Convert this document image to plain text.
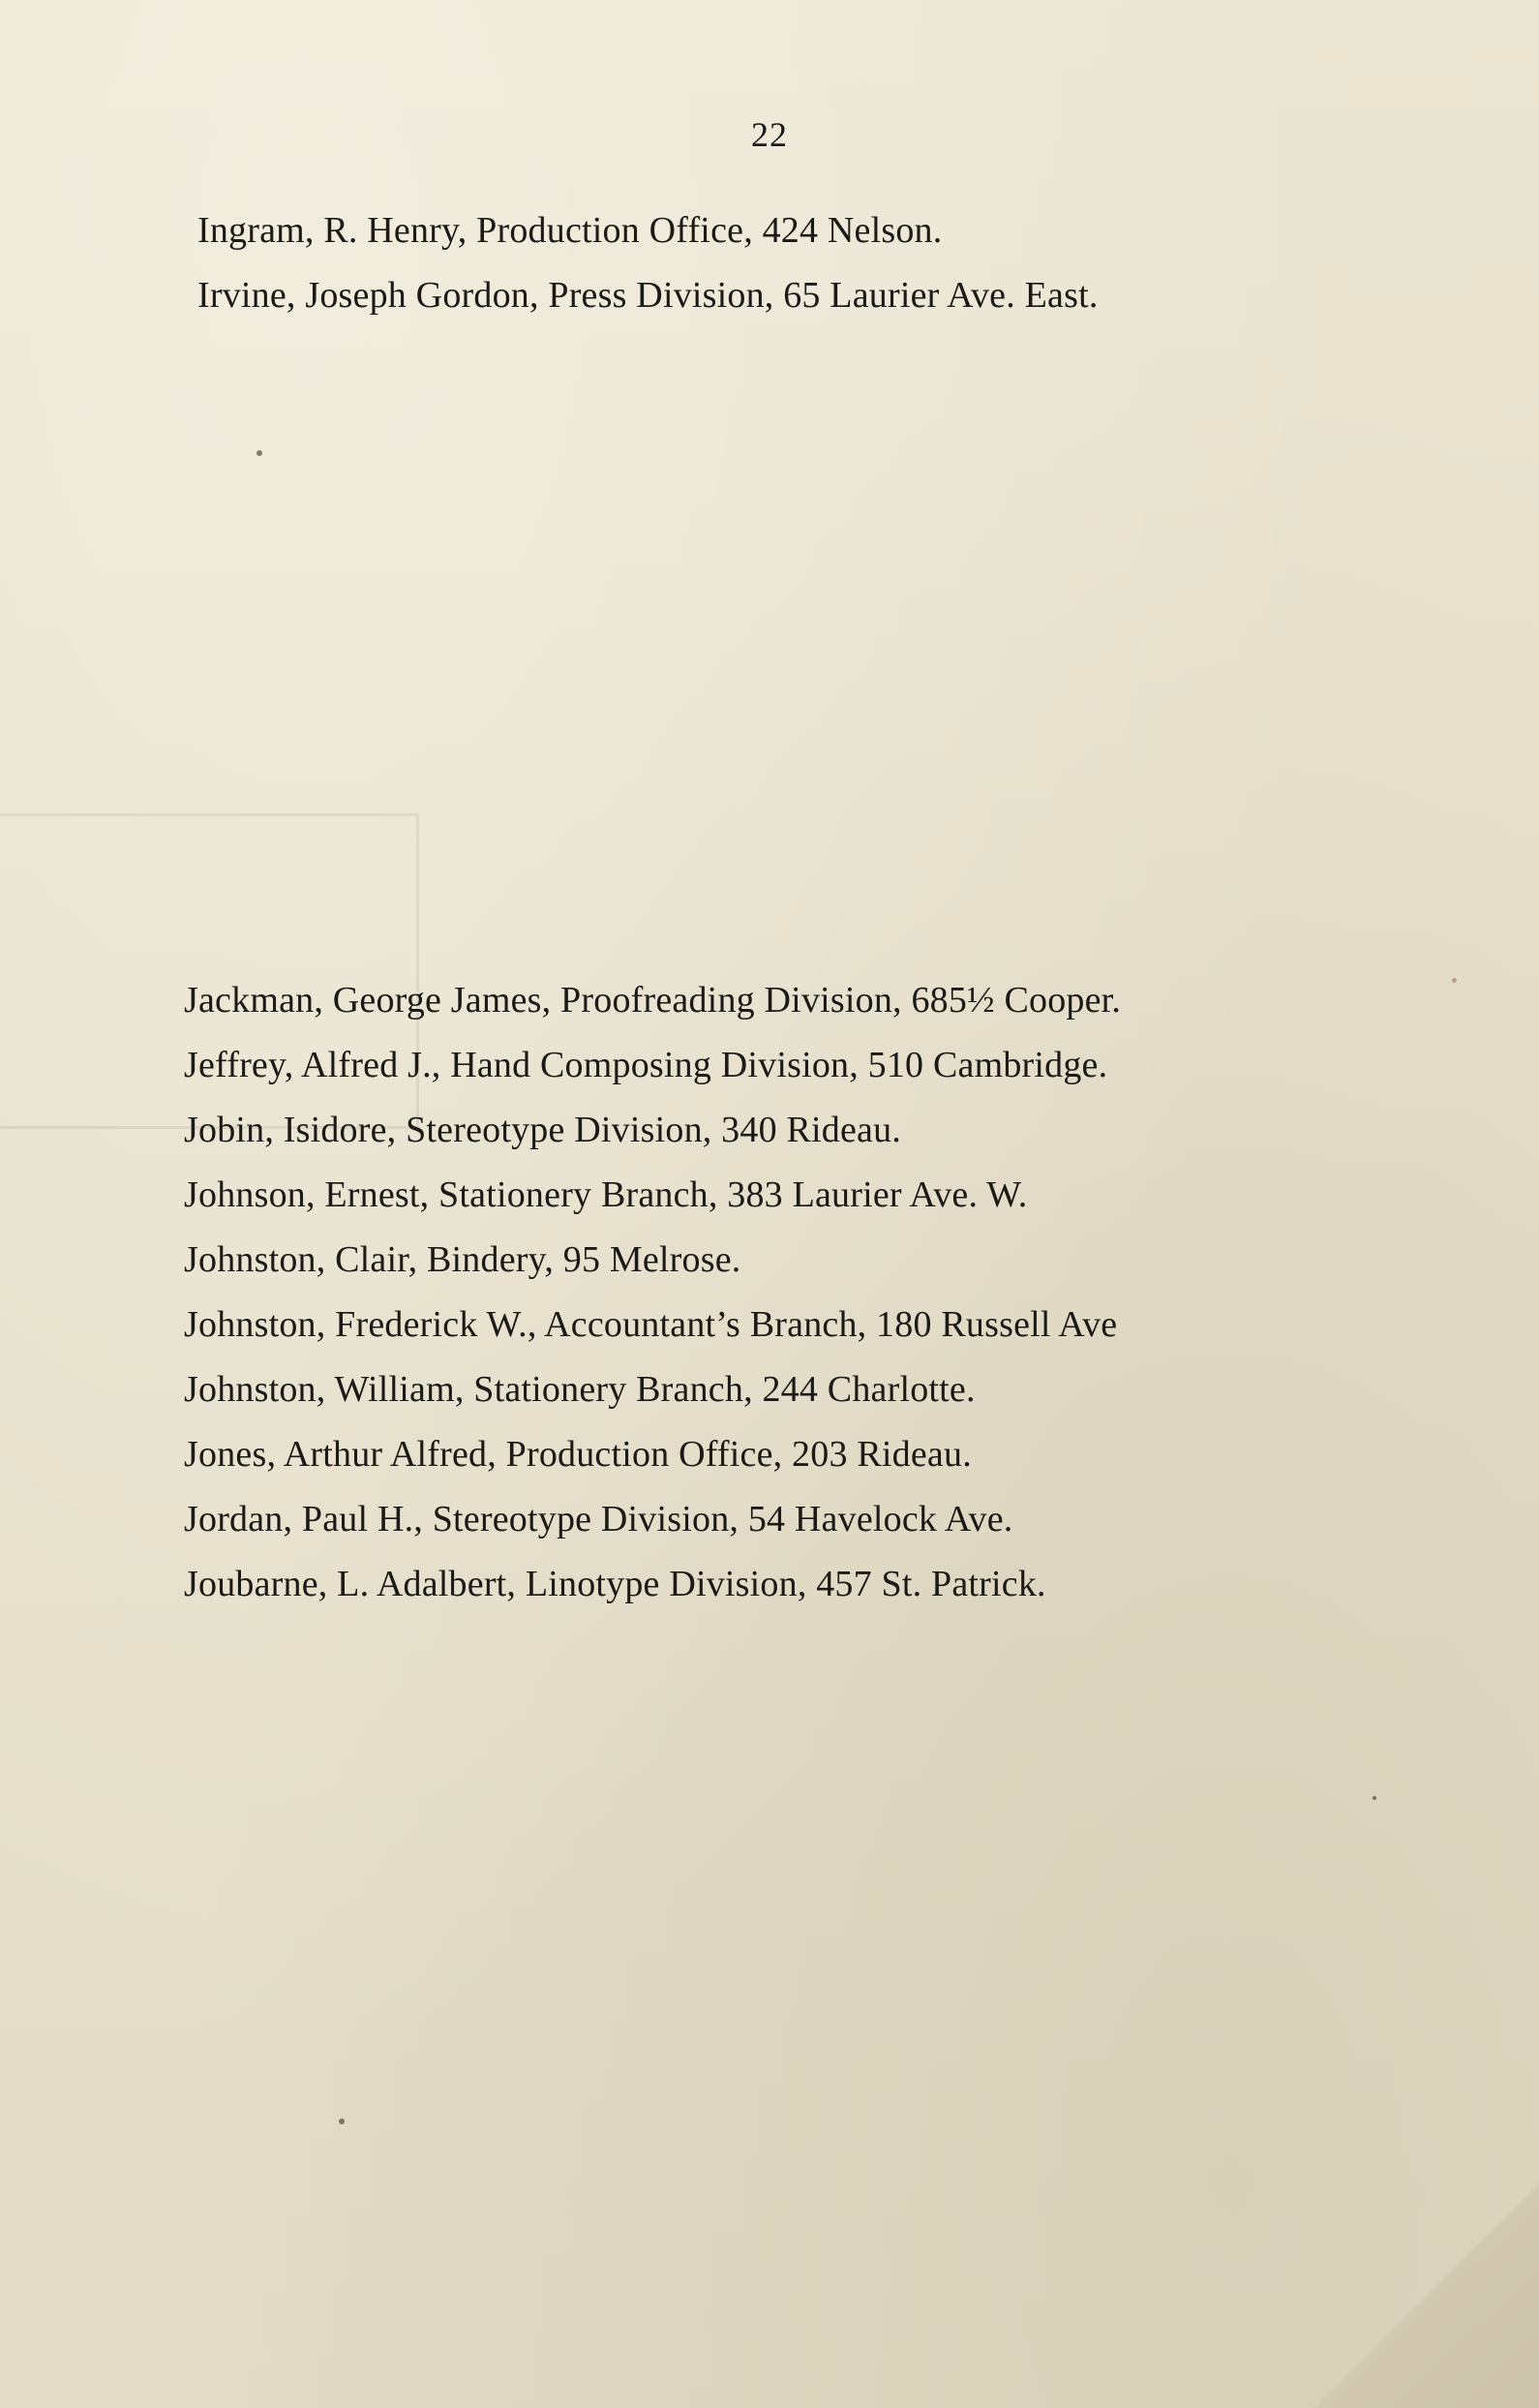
22
Ingram, R. Henry, Production Office, 424 Nelson.
Irvine, Joseph Gordon, Press Division, 65 Laurier Ave. East.
Jackman, George James, Proofreading Division, 685½ Cooper.
Jeffrey, Alfred J., Hand Composing Division, 510 Cambridge.
Jobin, Isidore, Stereotype Division, 340 Rideau.
Johnson, Ernest, Stationery Branch, 383 Laurier Ave. W.
Johnston, Clair, Bindery, 95 Melrose.
Johnston, Frederick W., Accountant’s Branch, 180 Russell Ave
Johnston, William, Stationery Branch, 244 Charlotte.
Jones, Arthur Alfred, Production Office, 203 Rideau.
Jordan, Paul H., Stereotype Division, 54 Havelock Ave.
Joubarne, L. Adalbert, Linotype Division, 457 St. Patrick.
